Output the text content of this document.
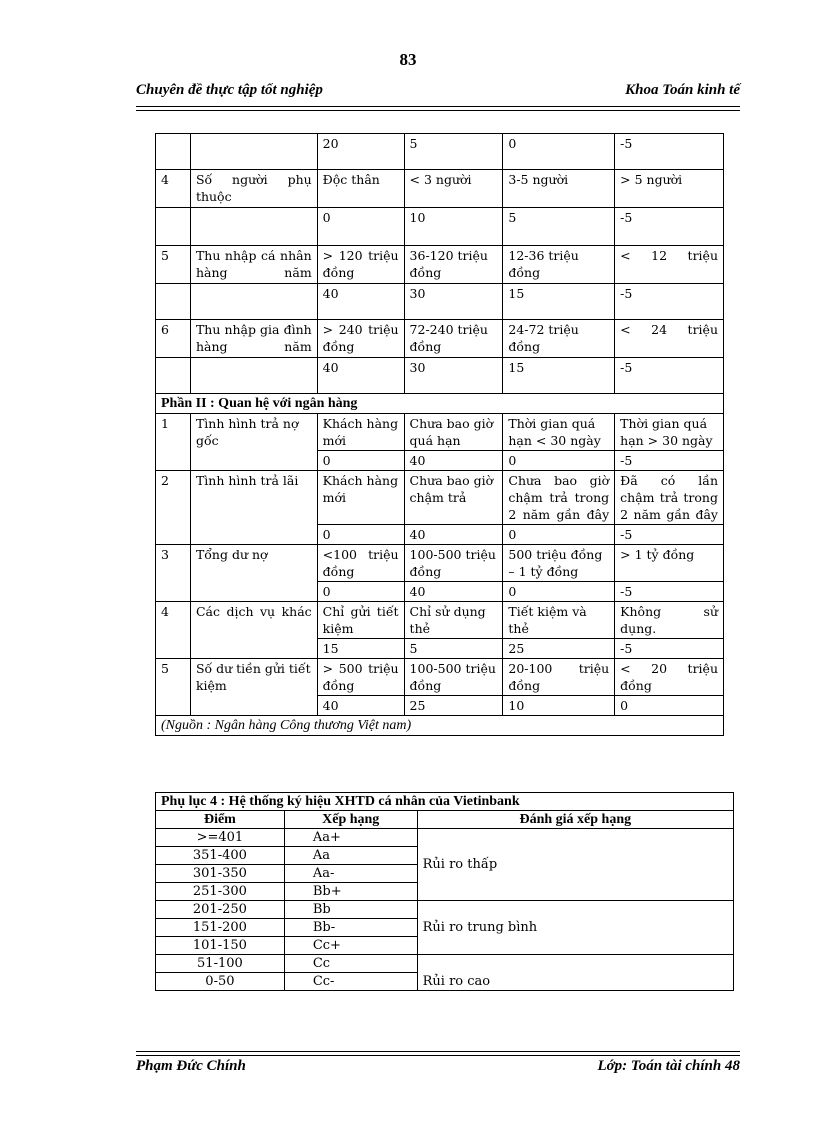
83
Chuyên đề thực tập tốt nghiệp	Khoa Toán kinh tế
		20	5	0	-5
4	Số người phụ thuộc	Độc thân	< 3 người	3-5 người	> 5 người
		0	10	5	-5
5	Thu nhập cá nhân hàng năm	> 120 triệu đồng	36-120 triệu đồng	12-36 triệu đồng	< 12 triệu
		40	30	15	-5
6	Thu nhập gia đình hàng năm	> 240 triệu đồng	72-240 triệu đồng	24-72 triệu đồng	< 24 triệu
		40	30	15	-5
Phần II : Quan hệ với ngân hàng					
1	Tình hình trả nợ gốc	Khách hàng mới	Chưa bao giờ quá hạn	Thời gian quá hạn < 30 ngày	Thời gian quá hạn > 30 ngày
		0	40	0	-5
2	Tình hình trả lãi	Khách hàng mới	Chưa bao giờ chậm trả	Chưa bao giờ chậm trả trong 2 năm gần đây	Đã có lần chậm trả trong 2 năm gần đây
		0	40	0	-5
3	Tổng dư nợ	<100 triệu đồng	100-500 triệu đồng	500 triệu đồng – 1 tỷ đồng	> 1 tỷ đồng
		0	40	0	-5
4	Các dịch vụ khác	Chỉ gửi tiết kiệm	Chỉ sử dụng thẻ	Tiết kiệm và thẻ	Không sử dụng.
		15	5	25	-5
5	Số dư tiền gửi tiết kiệm	> 500 triệu đồng	100-500 triệu đồng	20-100 triệu đồng	< 20 triệu đồng
		40	25	10	0
(Nguồn : Ngân hàng Công thương Việt nam)					
Phụ lục 4 : Hệ thống ký hiệu XHTD cá nhân của Vietinbank		
Điểm	Xếp hạng	Đánh giá xếp hạng
>=401	Aa+	Rủi ro thấp
351-400	Aa	
301-350	Aa-	
251-300	Bb+	
201-250	Bb	Rủi ro trung bình
151-200	Bb-	
101-150	Cc+	
51-100	Cc	Rủi ro cao
0-50	Cc-	
Phạm Đức Chính	Lớp: Toán tài chính 48
